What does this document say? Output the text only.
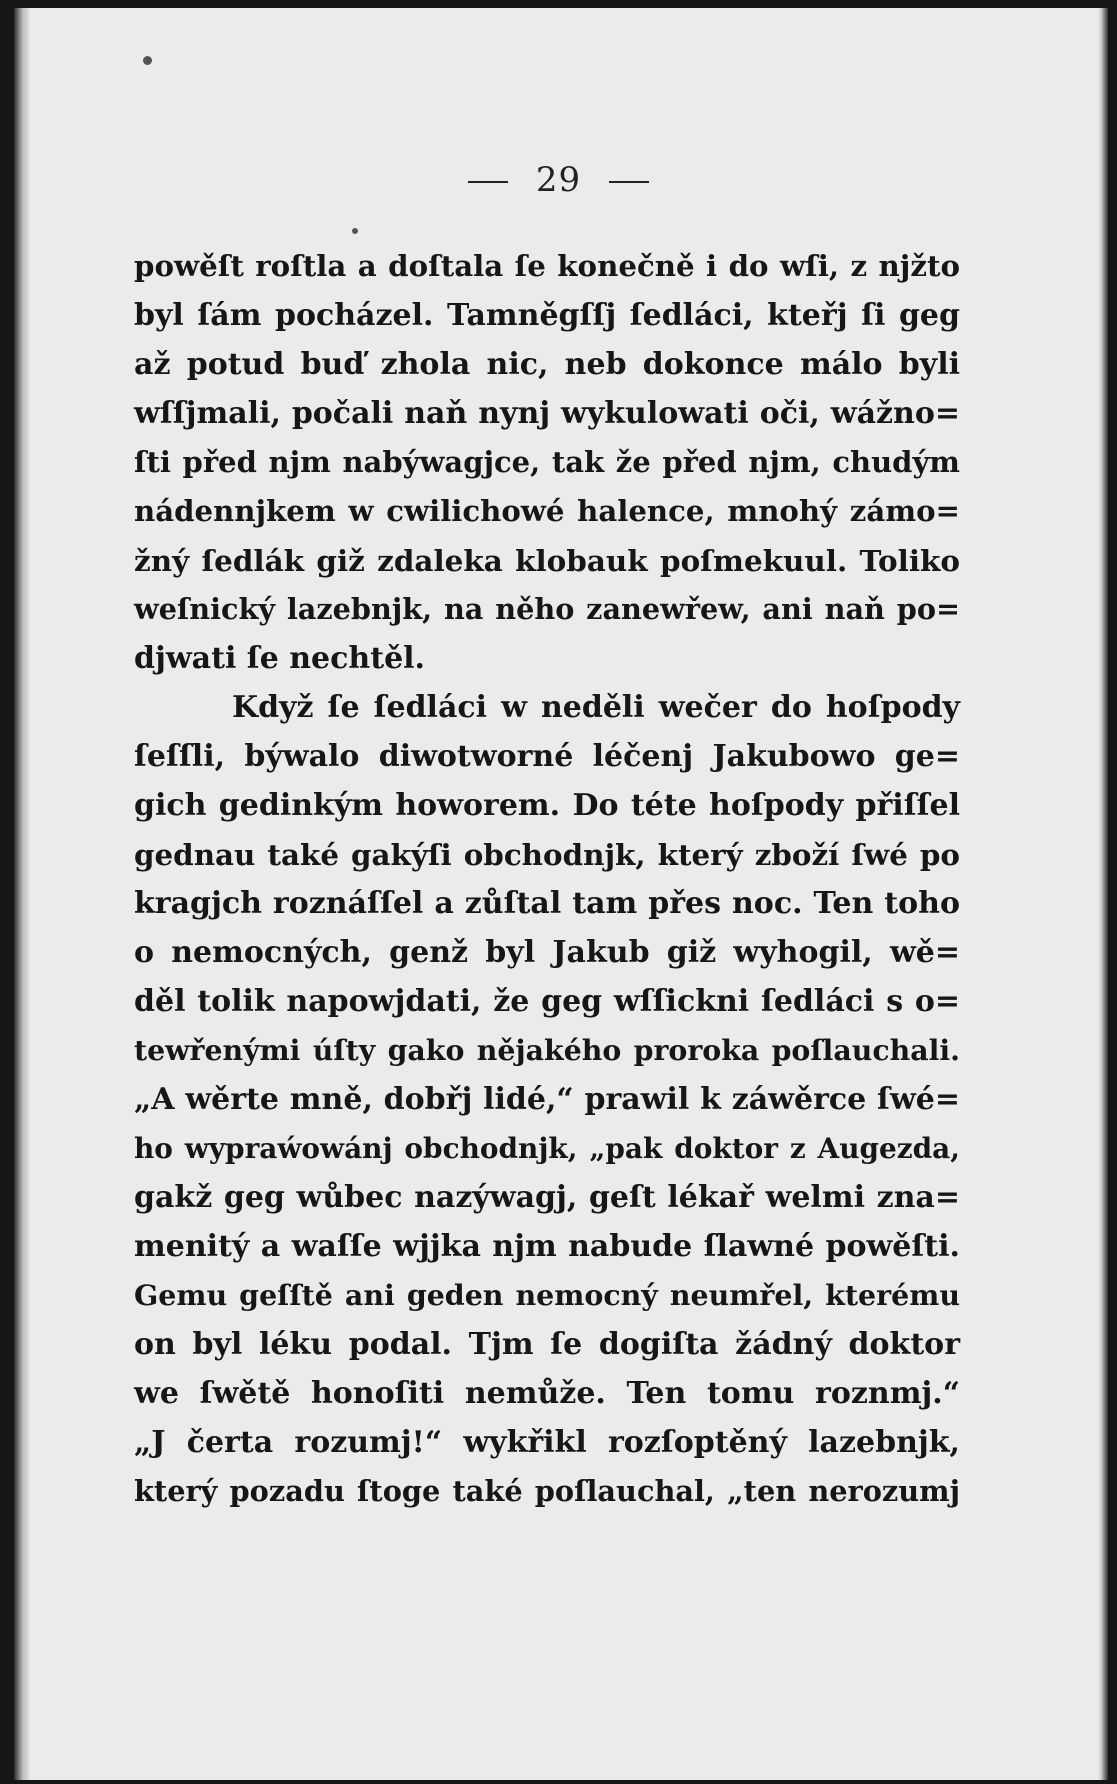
29
powěſt roſtla a doſtala ſe konečně i do wſi, z njžto
byl ſám pocházel. Tamněgſſj ſedláci, kteřj ſi geg
až potud buď zhola nic, neb dokonce málo byli
wſſjmali, počali naň nynj wykulowati oči, wážno=
ſti před njm nabýwagjce, tak že před njm, chudým
nádennjkem w cwilichowé halence, mnohý zámo=
žný ſedlák giž zdaleka klobauk poſmekuul. Toliko
weſnický lazebnjk, na něho zanewřew, ani naň po=
djwati ſe nechtěl.
Když ſe ſedláci w neděli wečer do hoſpody
ſeſſli, býwalo diwotworné léčenj Jakubowo ge=
gich gedinkým howorem. Do téte hoſpody přiſſel
gednau také gakýſi obchodnjk, který zboží ſwé po
kragjch roznáſſel a zůſtal tam přes noc. Ten toho
o nemocných, genž byl Jakub giž wyhogil, wě=
děl tolik napowjdati, že geg wſſickni ſedláci s o=
tewřenými úſty gako nějakého proroka poſlauchali.
„A wěrte mně, dobřj lidé,“ prawil k záwěrce ſwé=
ho wypraẃowánj obchodnjk, „pak doktor z Augezda,
gakž geg wůbec nazýwagj, geſt lékař welmi zna=
menitý a waſſe wjjka njm nabude ſlawné powěſti.
Gemu geſſtě ani geden nemocný neumřel, kterému
on byl léku podal. Tjm ſe dogiſta žádný doktor
we ſwětě honoſiti nemůže. Ten tomu roznmj.“
„J čerta rozumj!“ wykřikl rozſoptěný lazebnjk,
který pozadu ſtoge také poſlauchal, „ten nerozumj
